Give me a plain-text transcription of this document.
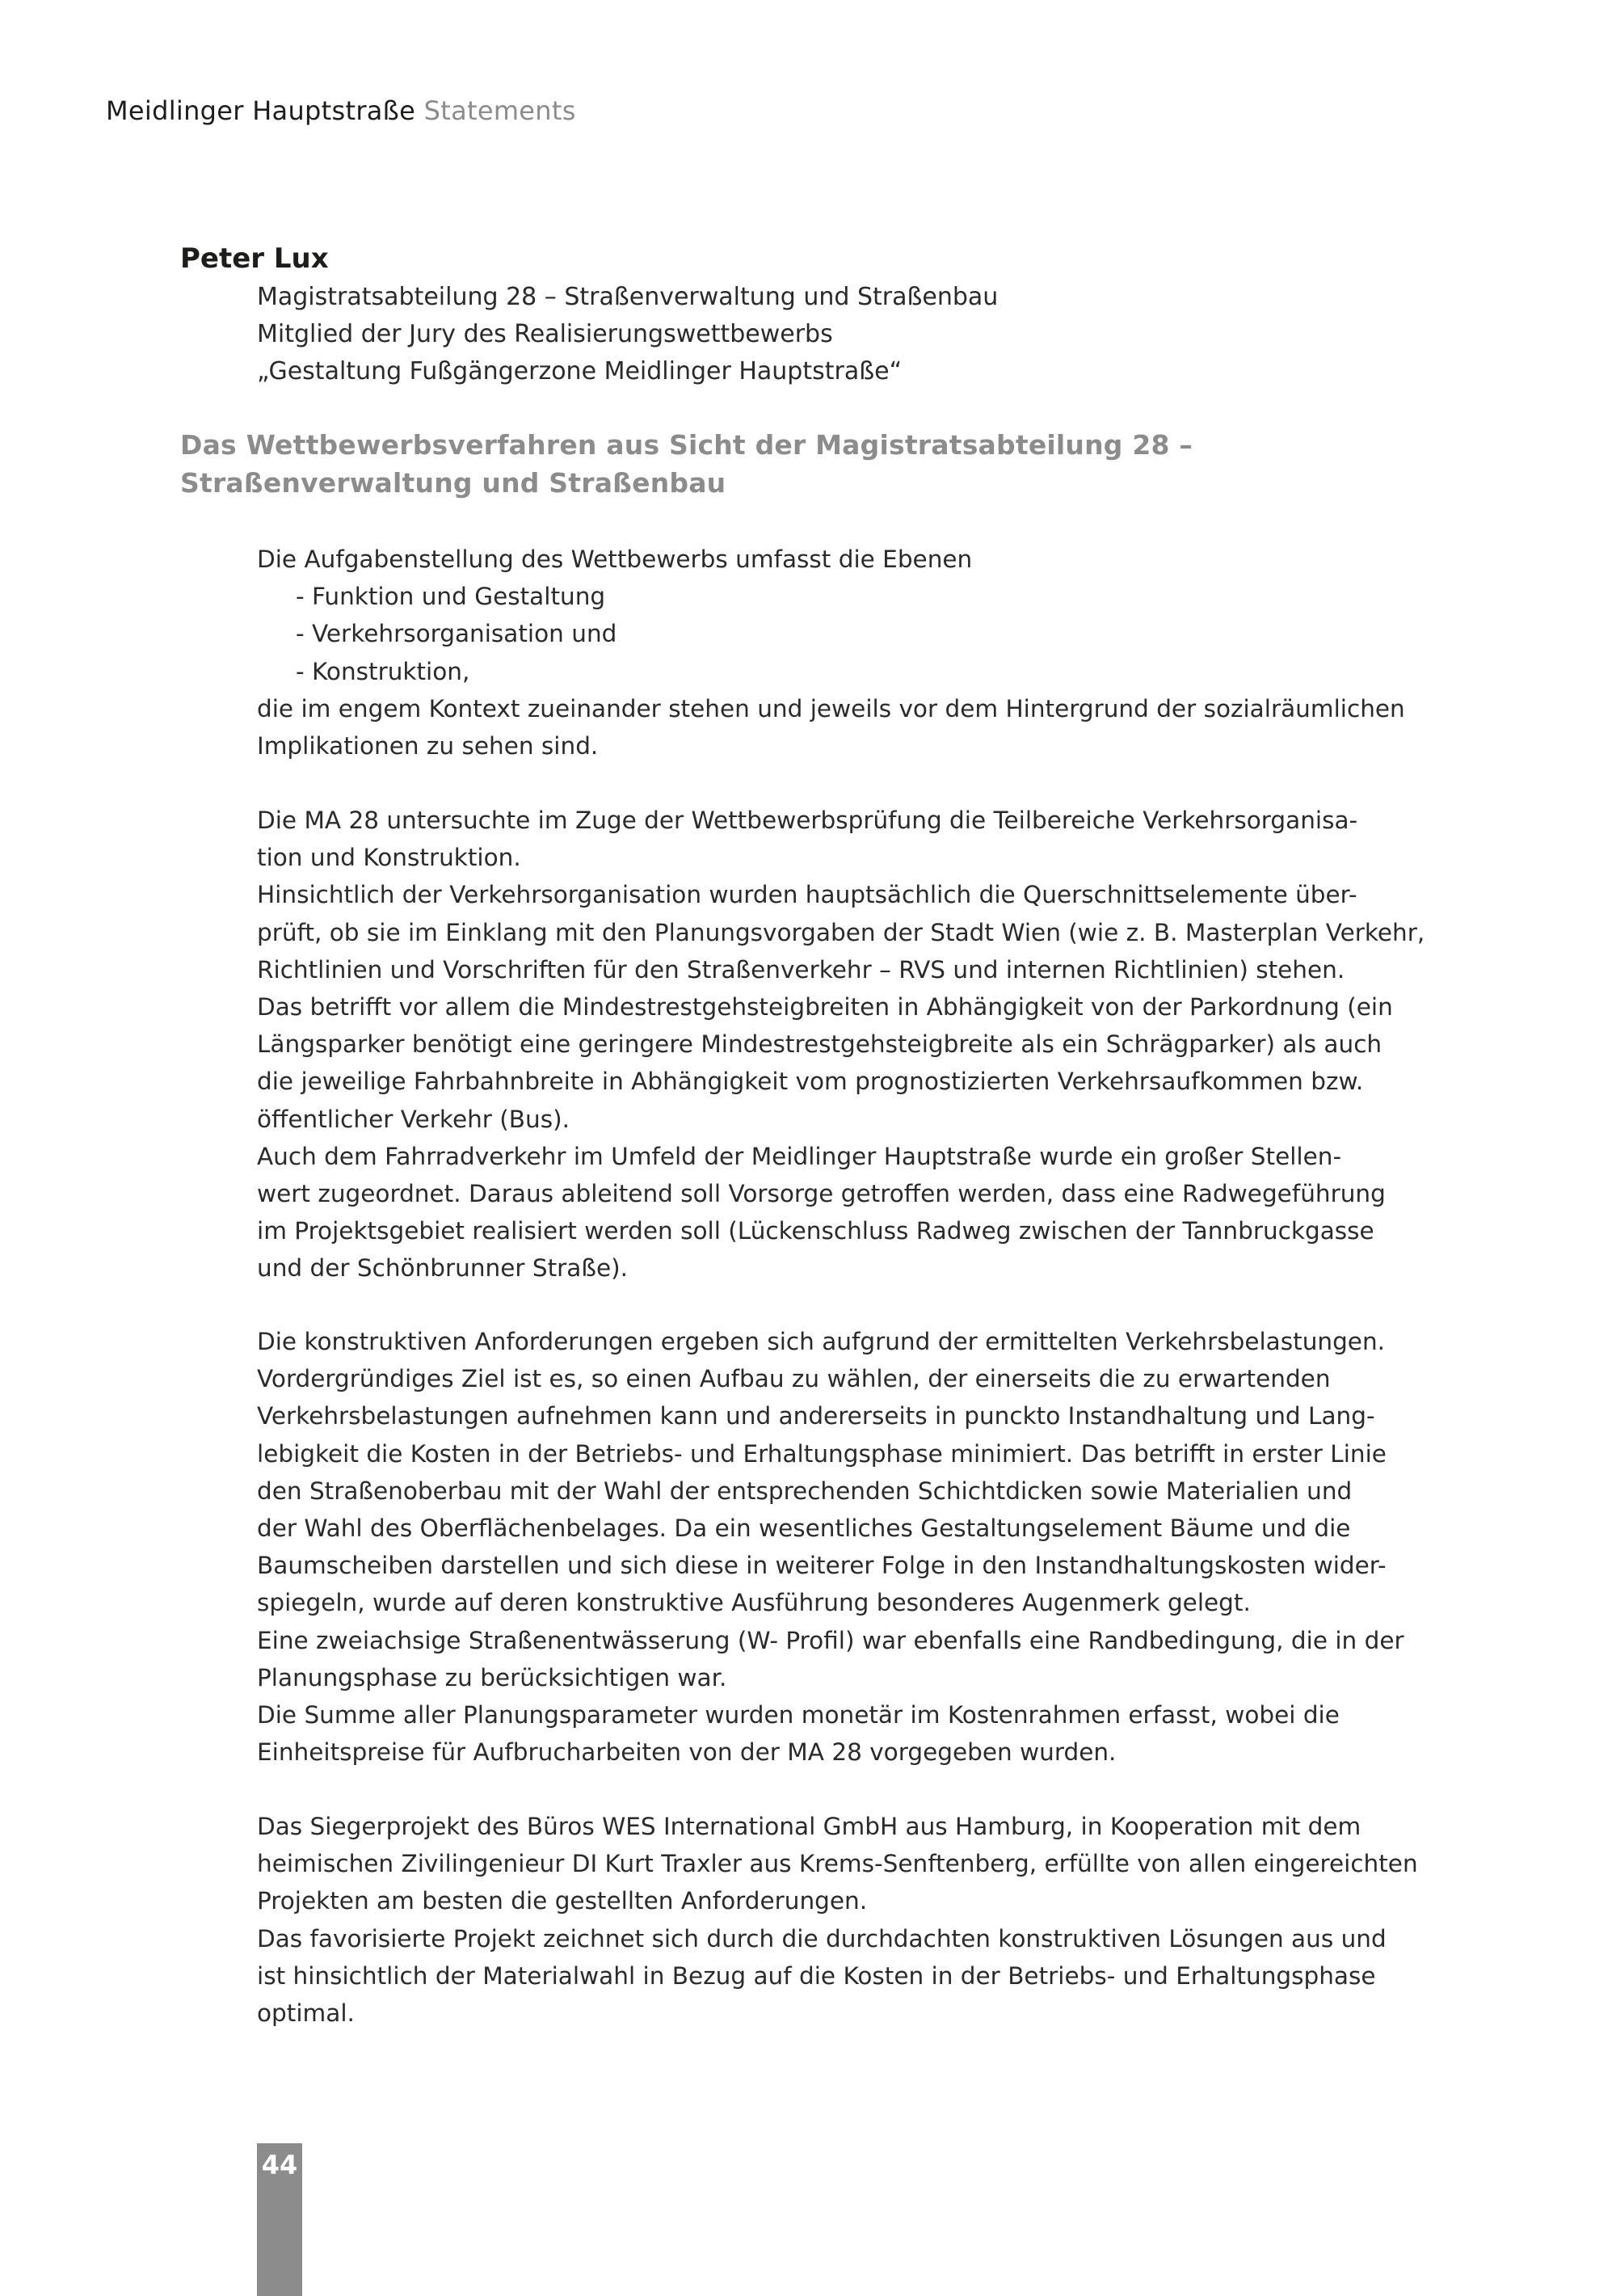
Meidlinger Hauptstraße Statements
Peter Lux
Magistratsabteilung 28 – Straßenverwaltung und Straßenbau
Mitglied der Jury des Realisierungswettbewerbs
„Gestaltung Fußgängerzone Meidlinger Hauptstraße“
Das Wettbewerbsverfahren aus Sicht der Magistratsabteilung 28 –
Straßenverwaltung und Straßenbau
Die Aufgabenstellung des Wettbewerbs umfasst die Ebenen
- Funktion und Gestaltung
- Verkehrsorganisation und
- Konstruktion,
die im engem Kontext zueinander stehen und jeweils vor dem Hintergrund der sozialräumlichen
Implikationen zu sehen sind.
Die MA 28 untersuchte im Zuge der Wettbewerbsprüfung die Teilbereiche Verkehrsorganisa-
tion und Konstruktion.
Hinsichtlich der Verkehrsorganisation wurden hauptsächlich die Querschnittselemente über-
prüft, ob sie im Einklang mit den Planungsvorgaben der Stadt Wien (wie z. B. Masterplan Verkehr,
Richtlinien und Vorschriften für den Straßenverkehr – RVS und internen Richtlinien) stehen.
Das betrifft vor allem die Mindestrestgehsteigbreiten in Abhängigkeit von der Parkordnung (ein
Längsparker benötigt eine geringere Mindestrestgehsteigbreite als ein Schrägparker) als auch
die jeweilige Fahrbahnbreite in Abhängigkeit vom prognostizierten Verkehrsaufkommen bzw.
öffentlicher Verkehr (Bus).
Auch dem Fahrradverkehr im Umfeld der Meidlinger Hauptstraße wurde ein großer Stellen-
wert zugeordnet. Daraus ableitend soll Vorsorge getroffen werden, dass eine Radwegeführung
im Projektsgebiet realisiert werden soll (Lückenschluss Radweg zwischen der Tannbruckgasse
und der Schönbrunner Straße).
Die konstruktiven Anforderungen ergeben sich aufgrund der ermittelten Verkehrsbelastungen.
Vordergründiges Ziel ist es, so einen Aufbau zu wählen, der einerseits die zu erwartenden
Verkehrsbelastungen aufnehmen kann und andererseits in punckto Instandhaltung und Lang-
lebigkeit die Kosten in der Betriebs- und Erhaltungsphase minimiert. Das betrifft in erster Linie
den Straßenoberbau mit der Wahl der entsprechenden Schichtdicken sowie Materialien und
der Wahl des Oberflächenbelages. Da ein wesentliches Gestaltungselement Bäume und die
Baumscheiben darstellen und sich diese in weiterer Folge in den Instandhaltungskosten wider-
spiegeln, wurde auf deren konstruktive Ausführung besonderes Augenmerk gelegt.
Eine zweiachsige Straßenentwässerung (W- Profil) war ebenfalls eine Randbedingung, die in der
Planungsphase zu berücksichtigen war.
Die Summe aller Planungsparameter wurden monetär im Kostenrahmen erfasst, wobei die
Einheitspreise für Aufbrucharbeiten von der MA 28 vorgegeben wurden.
Das Siegerprojekt des Büros WES International GmbH aus Hamburg, in Kooperation mit dem
heimischen Zivilingenieur DI Kurt Traxler aus Krems-Senftenberg, erfüllte von allen eingereichten
Projekten am besten die gestellten Anforderungen.
Das favorisierte Projekt zeichnet sich durch die durchdachten konstruktiven Lösungen aus und
ist hinsichtlich der Materialwahl in Bezug auf die Kosten in der Betriebs- und Erhaltungsphase
optimal.
44
